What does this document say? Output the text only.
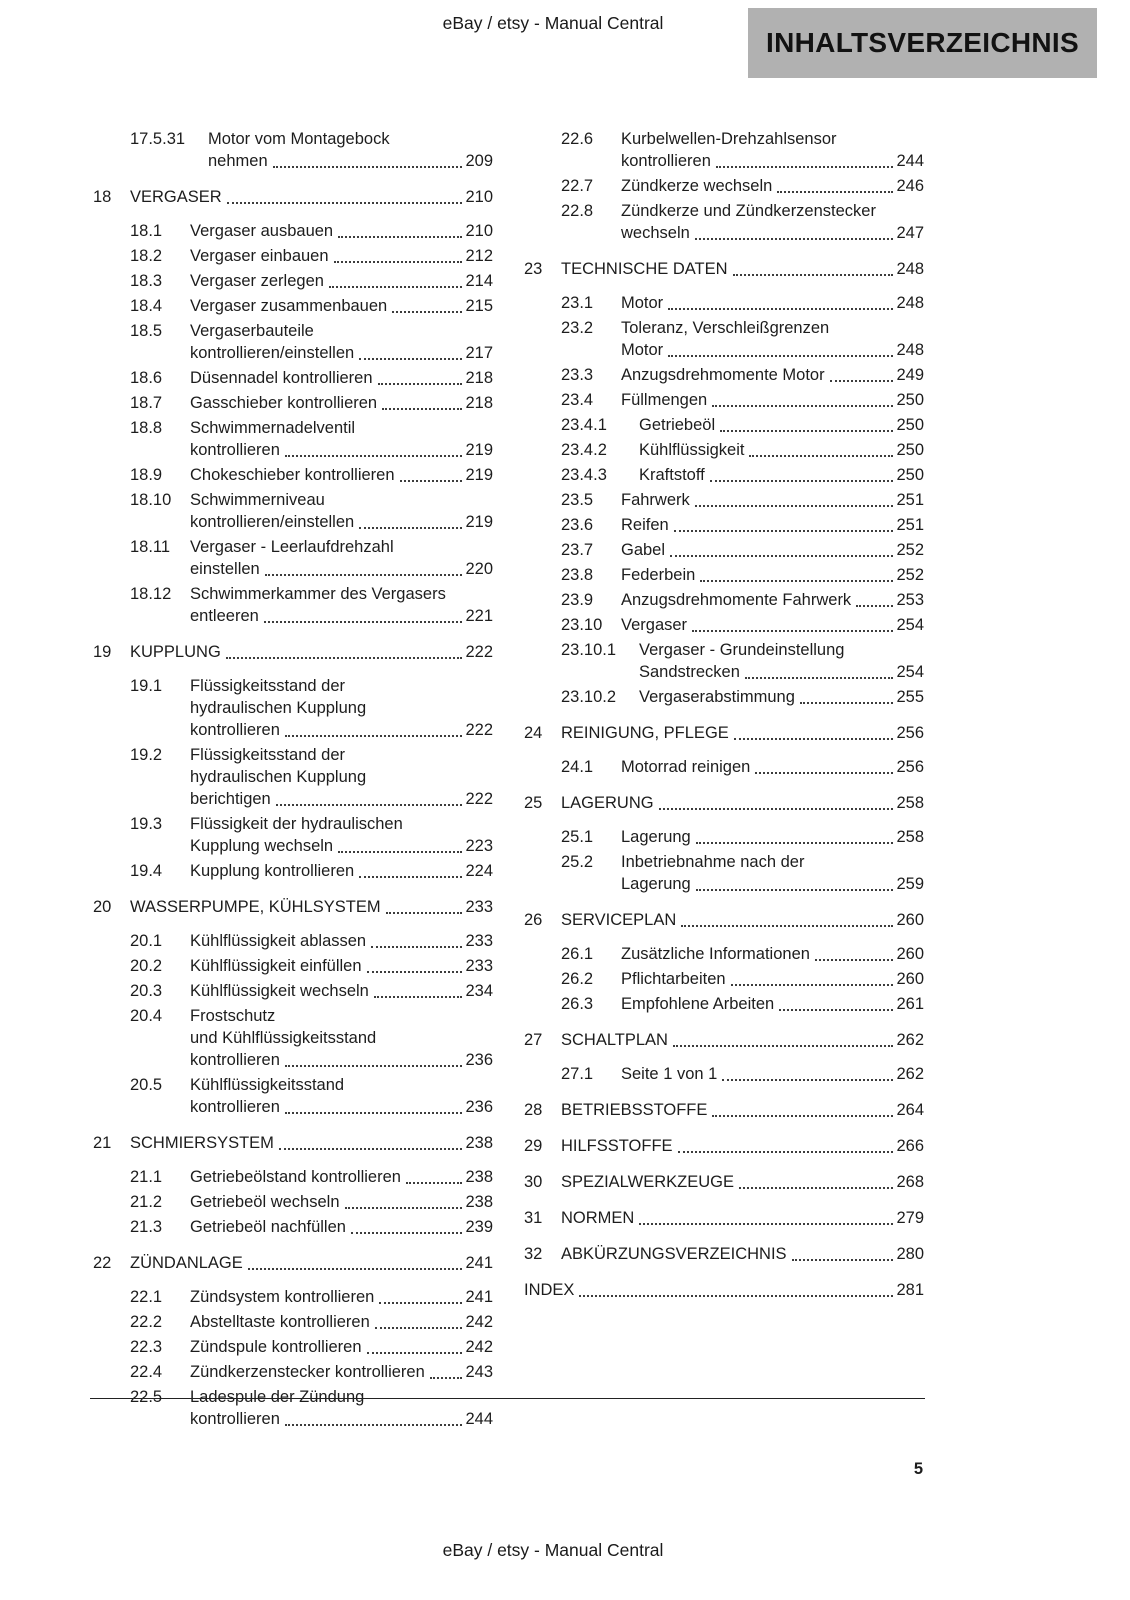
eBay / etsy - Manual Central
INHALTSVERZEICHNIS
17.5.31	Motor vom Montagebock
nehmen	209
18	VERGASER	210
18.1	Vergaser ausbauen	210
18.2	Vergaser einbauen	212
18.3	Vergaser zerlegen	214
18.4	Vergaser zusammenbauen	215
18.5	Vergaserbauteile
kontrollieren/einstellen	217
18.6	Düsennadel kontrollieren	218
18.7	Gasschieber kontrollieren	218
18.8	Schwimmernadelventil
kontrollieren	219
18.9	Chokeschieber kontrollieren	219
18.10	Schwimmerniveau
kontrollieren/einstellen	219
18.11	Vergaser - Leerlaufdrehzahl
einstellen	220
18.12	Schwimmerkammer des Vergasers
entleeren	221
19	KUPPLUNG	222
19.1	Flüssigkeitsstand der
hydraulischen Kupplung
kontrollieren	222
19.2	Flüssigkeitsstand der
hydraulischen Kupplung
berichtigen	222
19.3	Flüssigkeit der hydraulischen
Kupplung wechseln	223
19.4	Kupplung kontrollieren	224
20	WASSERPUMPE, KÜHLSYSTEM	233
20.1	Kühlflüssigkeit ablassen	233
20.2	Kühlflüssigkeit einfüllen	233
20.3	Kühlflüssigkeit wechseln	234
20.4	Frostschutz
und Kühlflüssigkeitsstand
kontrollieren	236
20.5	Kühlflüssigkeitsstand
kontrollieren	236
21	SCHMIERSYSTEM	238
21.1	Getriebeölstand kontrollieren	238
21.2	Getriebeöl wechseln	238
21.3	Getriebeöl nachfüllen	239
22	ZÜNDANLAGE	241
22.1	Zündsystem kontrollieren	241
22.2	Abstelltaste kontrollieren	242
22.3	Zündspule kontrollieren	242
22.4	Zündkerzenstecker kontrollieren 243
22.5	Ladespule der Zündung
kontrollieren	244
22.6	Kurbelwellen-Drehzahlsensor
kontrollieren	244
22.7	Zündkerze wechseln	246
22.8	Zündkerze und Zündkerzenstecker
wechseln	247
23	TECHNISCHE DATEN	248
23.1	Motor	248
23.2	Toleranz, Verschleißgrenzen
Motor	248
23.3	Anzugsdrehmomente Motor	249
23.4	Füllmengen	250
23.4.1	Getriebeöl	250
23.4.2	Kühlflüssigkeit	250
23.4.3	Kraftstoff	250
23.5	Fahrwerk	251
23.6	Reifen	251
23.7	Gabel	252
23.8	Federbein	252
23.9	Anzugsdrehmomente Fahrwerk	253
23.10	Vergaser	254
23.10.1	Vergaser - Grundeinstellung
Sandstrecken	254
23.10.2	Vergaserabstimmung	255
24	REINIGUNG, PFLEGE	256
24.1	Motorrad reinigen	256
25	LAGERUNG	258
25.1	Lagerung	258
25.2	Inbetriebnahme nach der
Lagerung	259
26	SERVICEPLAN	260
26.1	Zusätzliche Informationen	260
26.2	Pflichtarbeiten	260
26.3	Empfohlene Arbeiten	261
27	SCHALTPLAN	262
27.1	Seite 1 von 1	262
28	BETRIEBSSTOFFE	264
29	HILFSSTOFFE	266
30	SPEZIALWERKZEUGE	268
31	NORMEN	279
32	ABKÜRZUNGSVERZEICHNIS	280
INDEX	281
5
eBay / etsy - Manual Central
